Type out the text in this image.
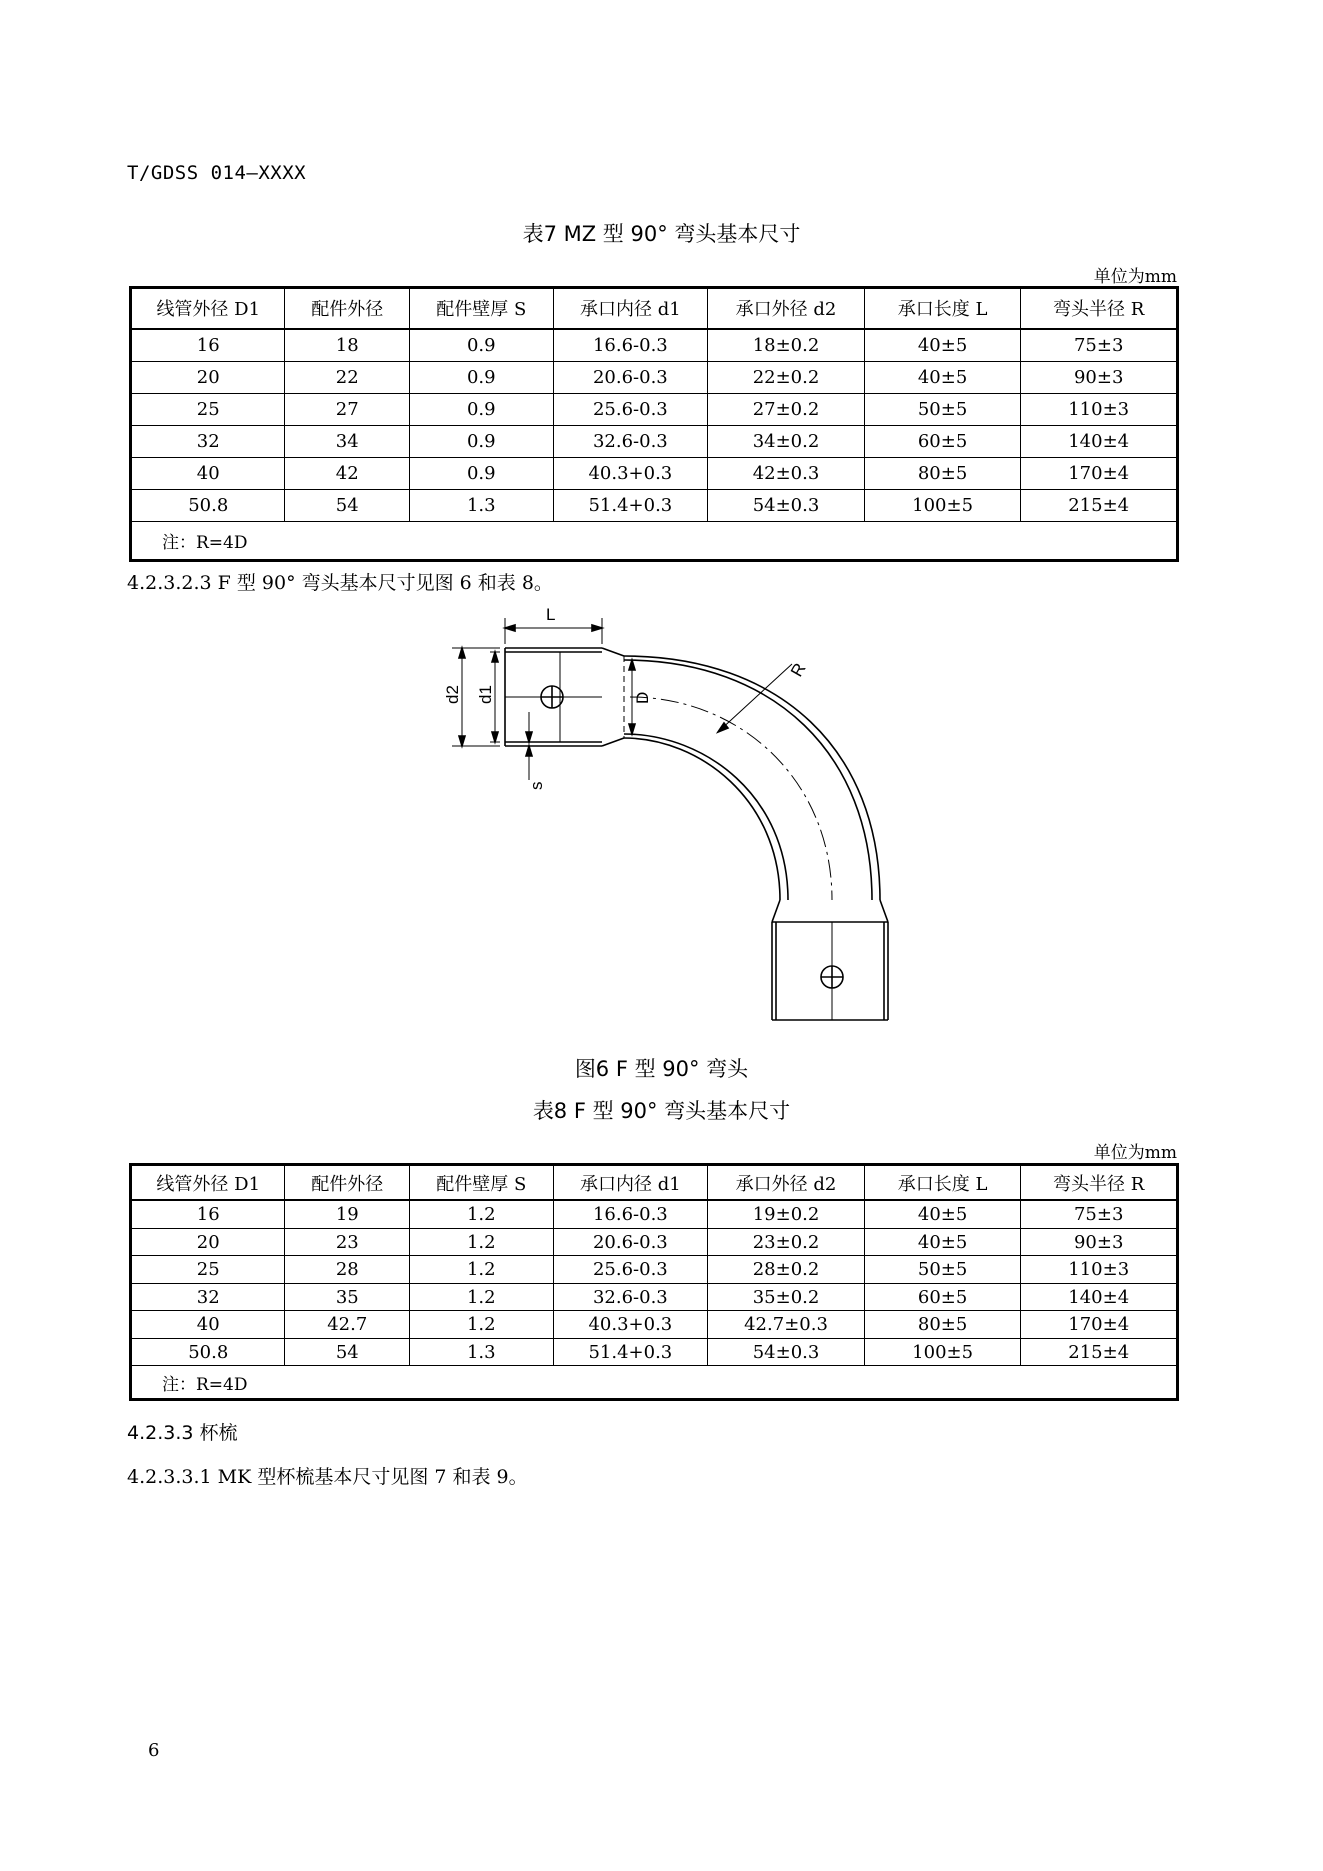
T/GDSS 014—XXXX
表7 MZ 型 90° 弯头基本尺寸
单位为mm
线管外径 D1	配件外径	配件壁厚 S	承口内径 d1	承口外径 d2	承口长度 L	弯头半径 R
16	18	0.9	16.6-0.3	18±0.2	40±5	75±3
20	22	0.9	20.6-0.3	22±0.2	40±5	90±3
25	27	0.9	25.6-0.3	27±0.2	50±5	110±3
32	34	0.9	32.6-0.3	34±0.2	60±5	140±4
40	42	0.9	40.3+0.3	42±0.3	80±5	170±4
50.8	54	1.3	51.4+0.3	54±0.3	100±5	215±4
注：R=4D						
4.2.3.2.3 F 型 90° 弯头基本尺寸见图 6 和表 8。
L
d2 d1	D
R
s
图6 F 型 90° 弯头
表8 F 型 90° 弯头基本尺寸
单位为mm
线管外径 D1	配件外径	配件壁厚 S	承口内径 d1	承口外径 d2	承口长度 L	弯头半径 R
16	19	1.2	16.6-0.3	19±0.2	40±5	75±3
20	23	1.2	20.6-0.3	23±0.2	40±5	90±3
25	28	1.2	25.6-0.3	28±0.2	50±5	110±3
32	35	1.2	32.6-0.3	35±0.2	60±5	140±4
40	42.7	1.2	40.3+0.3	42.7±0.3	80±5	170±4
50.8	54	1.3	51.4+0.3	54±0.3	100±5	215±4
注：R=4D						
4.2.3.3 杯梳
4.2.3.3.1 MK 型杯梳基本尺寸见图 7 和表 9。
6
